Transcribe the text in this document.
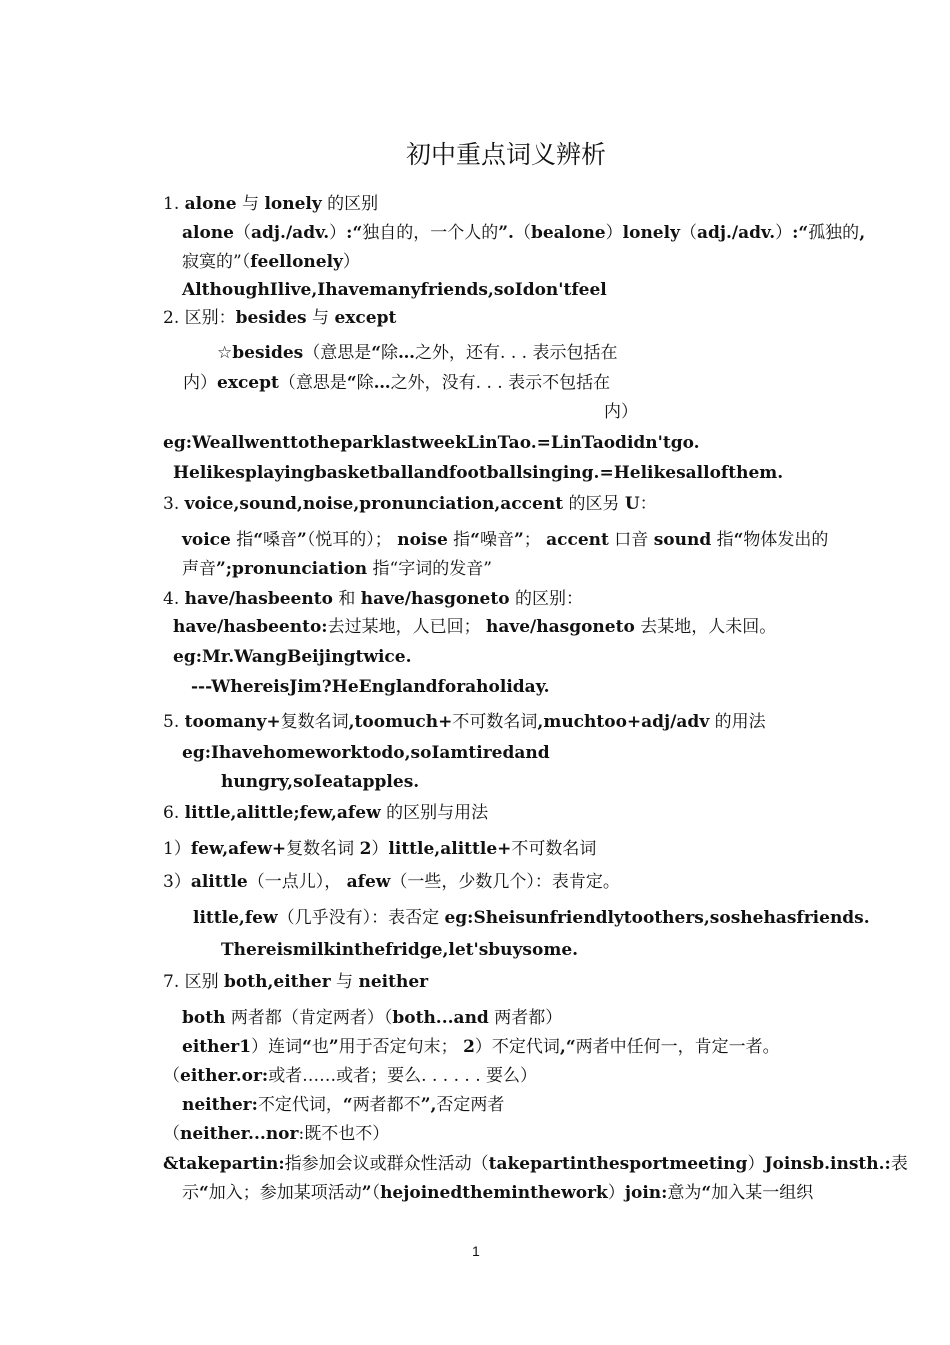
初中重点词义辨析
1. alone 与 lonely 的区别
alone（adj./adv.）:“独自的，一个人的”.（bealone）lonely（adj./adv.）:“孤独的,
寂寞的”（feellonely）
AlthoughIlive,Ihavemanyfriends,soIdon'tfeel
2. 区别：besides 与 except
☆besides（意思是“除…之外，还有. . . 表示包括在
内）except（意思是“除…之外，没有. . . 表示不包括在
内）
eg:WeallwenttotheparklastweekLinTao.=LinTaodidn'tgo.
Helikesplayingbasketballandfootballsinging.=Helikesallofthem.
3. voice,sound,noise,pronunciation,accent 的区另 U：
voice 指“嗓音”（悦耳的）； noise 指“噪音”； accent 口音 sound 指“物体发出的
声音”;pronunciation 指“字词的发音”
4. have/hasbeento 和 have/hasgoneto 的区别：
have/hasbeento:去过某地，人已回； have/hasgoneto 去某地，人未回。
eg:Mr.WangBeijingtwice.
---WhereisJim?HeEnglandforaholiday.
5. toomany+复数名词,toomuch+不可数名词,muchtoo+adj/adv 的用法
eg:Ihavehomeworktodo,soIamtiredand
hungry,soIeatapples.
6. little,alittle;few,afew 的区别与用法
1）few,afew+复数名词 2）little,alittle+不可数名词
3）alittle（一点儿）， afew（一些，少数几个）：表肯定。
little,few（几乎没有）：表否定 eg:Sheisunfriendlytoothers,soshehasfriends.
Thereismilkinthefridge,let'sbuysome.
7. 区别 both,either 与 neither
both 两者都（肯定两者）（both...and 两者都）
either1）连词“也”用于否定句末； 2）不定代词,“两者中任何一，肯定一者。
（either.or:或者……或者；要么. . . . . . 要么）
neither:不定代词，“两者都不”,否定两者
（neither...nor:既不也不）
&takepartin:指参加会议或群众性活动（takepartinthesportmeeting）Joinsb.insth.:表
示“加入；参加某项活动”（hejoinedtheminthework）join:意为“加入某一组织
1
